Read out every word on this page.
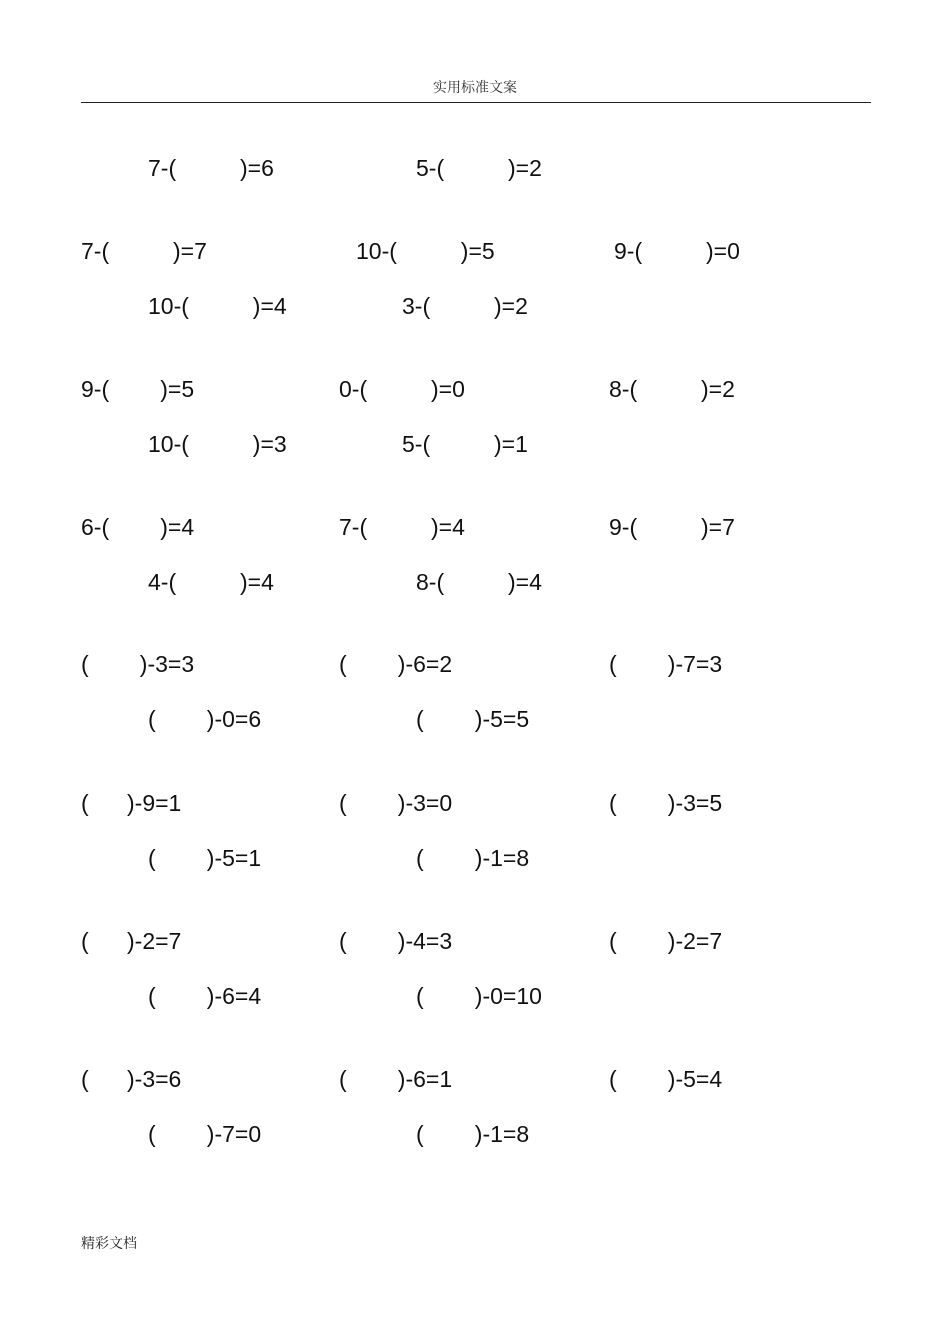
实用标准文案
7-(          )=6	5-(          )=2
7-(          )=7	10-(          )=5	9-(          )=0
10-(          )=4	3-(          )=2
9-(        )=5	0-(          )=0	8-(          )=2
10-(          )=3	5-(          )=1
6-(        )=4	7-(          )=4	9-(          )=7
4-(          )=4	8-(          )=4
(        )-3=3	(        )-6=2	(        )-7=3
(        )-0=6	(        )-5=5
(      )-9=1	(        )-3=0	(        )-3=5
(        )-5=1	(        )-1=8
(      )-2=7	(        )-4=3	(        )-2=7
(        )-6=4	(        )-0=10
(      )-3=6	(        )-6=1	(        )-5=4
(        )-7=0	(        )-1=8
精彩文档
